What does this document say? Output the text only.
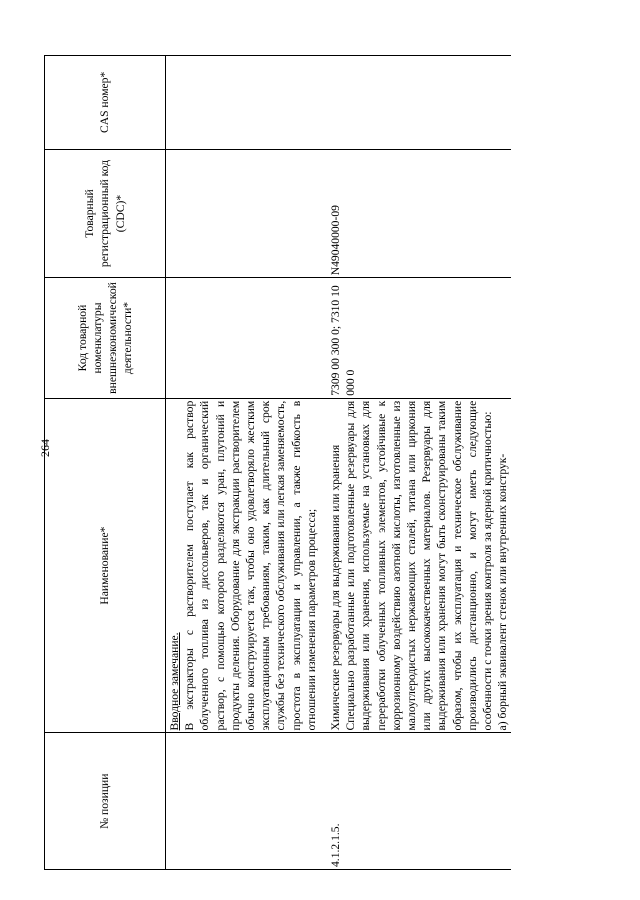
264
№ позиции	Наименование*	Код товарной номенклатуры внешнеэкономической деятельности*	Товарный регистрационный код (CDC)*	CAS номер*

	Вводное замечание. В экстракторы с растворителем поступает как раствор облученного топлива из диссольверов, так и органический раствор, с помощью которого разделяются уран, плутоний и продукты деления. Оборудование для экстракции растворителем обычно конструируется так, чтобы оно удовлетворяло жестким эксплуатационным требованиям, таким, как длительный срок службы без технического обслуживания или легкая заменяемость, простота в эксплуатации и управлении, а также гибкость в отношении изменения параметров процесса;			

4.1.2.1.5.	Химические резервуары для выдерживания или хранения Специально разработанные или подготовленные резервуары для выдерживания или хранения, используемые на установках для переработки облученных топливных элементов, устойчивые к коррозионному воздействию азотной кислоты, изготовленные из малоуглеродистых нержавеющих сталей, титана или циркония или других высококачественных материалов. Резервуары для выдерживания или хранения могут быть сконструированы таким образом, чтобы их эксплуатация и техническое обслуживание производились дистанционно, и могут иметь следующие особенности с точки зрения контроля за ядерной критичностью: а) борный эквивалент стенок или внутренних конструк-	7309 00 300 0; 7310 10 000 0	N49040000-09	
